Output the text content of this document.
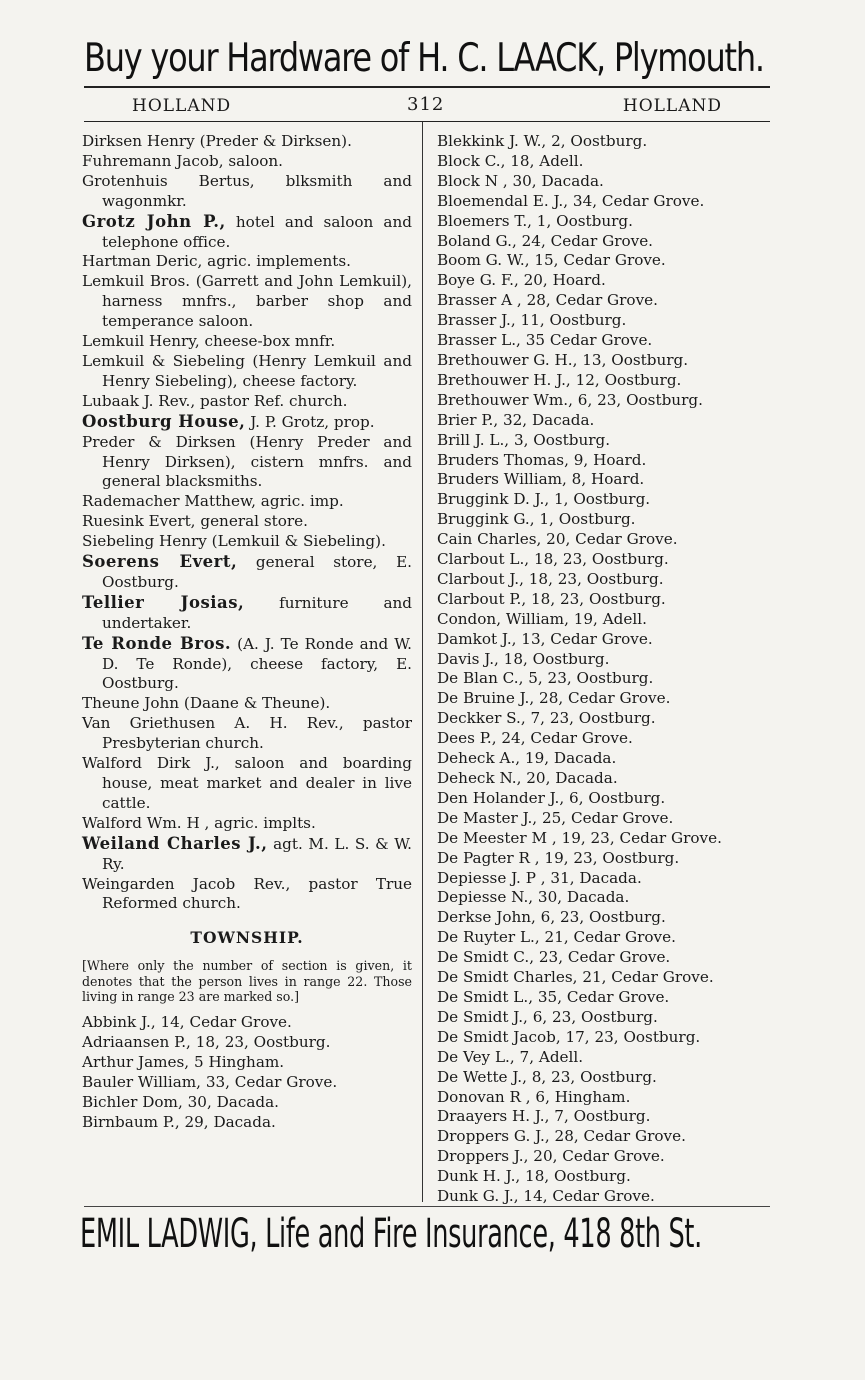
Buy your Hardware of H. C. LAACK, Plymouth.
HOLLAND	312	HOLLAND
Dirksen Henry (Preder & Dirksen).
Fuhremann Jacob, saloon.
Grotenhuis Bertus, blksmith and wagonmkr.
Grotz John P., hotel and saloon and telephone office.
Hartman Deric, agric. implements.
Lemkuil Bros. (Garrett and John Lemkuil), harness mnfrs., barber shop and temperance saloon.
Lemkuil Henry, cheese-box mnfr.
Lemkuil & Siebeling (Henry Lemkuil and Henry Siebeling), cheese factory.
Lubaak J. Rev., pastor Ref. church.
Oostburg House, J. P. Grotz, prop.
Preder & Dirksen (Henry Preder and Henry Dirksen), cistern mnfrs. and general blacksmiths.
Rademacher Matthew, agric. imp.
Ruesink Evert, general store.
Siebeling Henry (Lemkuil & Siebeling).
Soerens Evert, general store, E. Oostburg.
Tellier Josias, furniture and undertaker.
Te Ronde Bros. (A. J. Te Ronde and W. D. Te Ronde), cheese factory, E. Oostburg.
Theune John (Daane & Theune).
Van Griethusen A. H. Rev., pastor Presbyterian church.
Walford Dirk J., saloon and boarding house, meat market and dealer in live cattle.
Walford Wm. H , agric. implts.
Weiland Charles J., agt. M. L. S. & W. Ry.
Weingarden Jacob Rev., pastor True Reformed church.
TOWNSHIP.
[Where only the number of section is given, it denotes that the person lives in range 22. Those living in range 23 are marked so.]
Abbink J., 14, Cedar Grove.
Adriaansen P., 18, 23, Oostburg.
Arthur James, 5 Hingham.
Bauler William, 33, Cedar Grove.
Bichler Dom, 30, Dacada.
Birnbaum P., 29, Dacada.
Blekkink J. W., 2, Oostburg.
Block C., 18, Adell.
Block N , 30, Dacada.
Bloemendal E. J., 34, Cedar Grove.
Bloemers T., 1, Oostburg.
Boland G., 24, Cedar Grove.
Boom G. W., 15, Cedar Grove.
Boye G. F., 20, Hoard.
Brasser A , 28, Cedar Grove.
Brasser J., 11, Oostburg.
Brasser L., 35 Cedar Grove.
Brethouwer G. H., 13, Oostburg.
Brethouwer H. J., 12, Oostburg.
Brethouwer Wm., 6, 23, Oostburg.
Brier P., 32, Dacada.
Brill J. L., 3, Oostburg.
Bruders Thomas, 9, Hoard.
Bruders William, 8, Hoard.
Bruggink D. J., 1, Oostburg.
Bruggink G., 1, Oostburg.
Cain Charles, 20, Cedar Grove.
Clarbout L., 18, 23, Oostburg.
Clarbout J., 18, 23, Oostburg.
Clarbout P., 18, 23, Oostburg.
Condon, William, 19, Adell.
Damkot J., 13, Cedar Grove.
Davis J., 18, Oostburg.
De Blan C., 5, 23, Oostburg.
De Bruine J., 28, Cedar Grove.
Deckker S., 7, 23, Oostburg.
Dees P., 24, Cedar Grove.
Deheck A., 19, Dacada.
Deheck N., 20, Dacada.
Den Holander J., 6, Oostburg.
De Master J., 25, Cedar Grove.
De Meester M , 19, 23, Cedar Grove.
De Pagter R , 19, 23, Oostburg.
Depiesse J. P , 31, Dacada.
Depiesse N., 30, Dacada.
Derkse John, 6, 23, Oostburg.
De Ruyter L., 21, Cedar Grove.
De Smidt C., 23, Cedar Grove.
De Smidt Charles, 21, Cedar Grove.
De Smidt L., 35, Cedar Grove.
De Smidt J., 6, 23, Oostburg.
De Smidt Jacob, 17, 23, Oostburg.
De Vey L., 7, Adell.
De Wette J., 8, 23, Oostburg.
Donovan R , 6, Hingham.
Draayers H. J., 7, Oostburg.
Droppers G. J., 28, Cedar Grove.
Droppers J., 20, Cedar Grove.
Dunk H. J., 18, Oostburg.
Dunk G. J., 14, Cedar Grove.
EMIL LADWIG, Life and Fire Insurance, 418 8th St.
